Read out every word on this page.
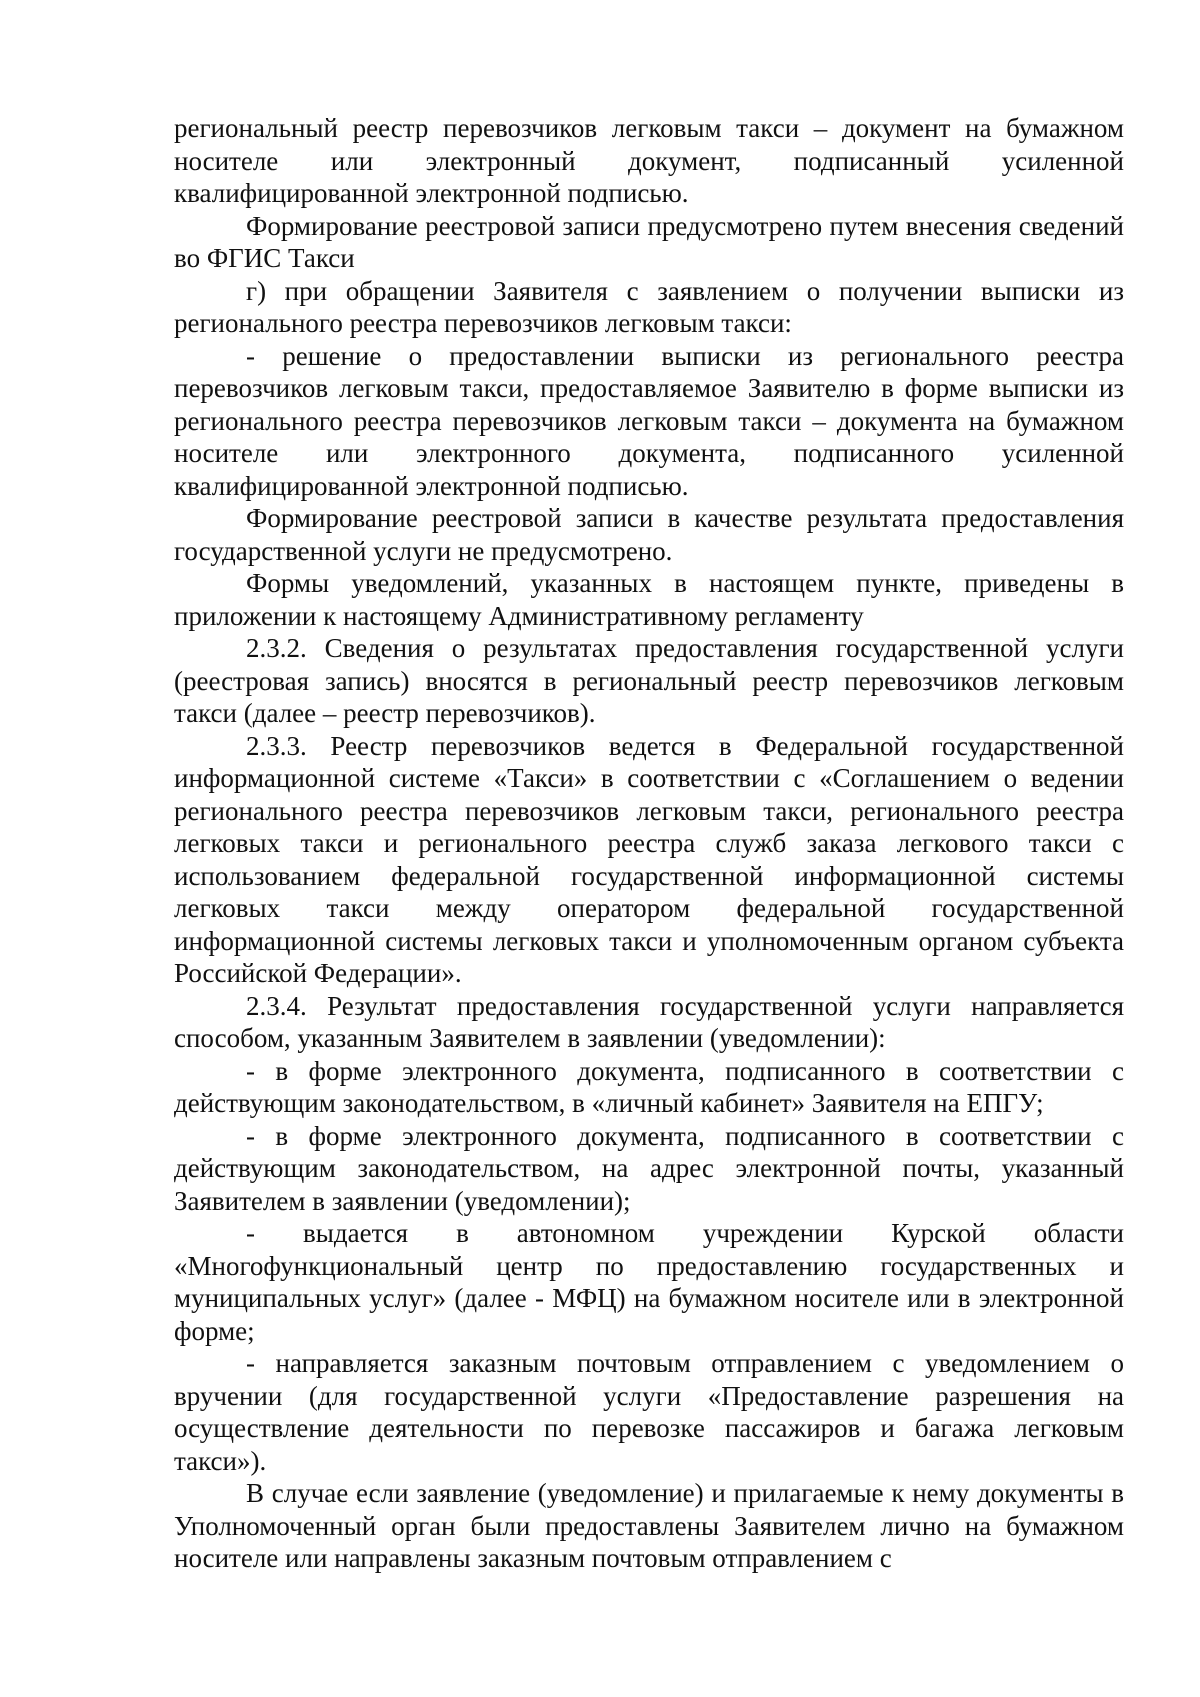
региональный реестр перевозчиков легковым такси – документ на бумажном носителе или электронный документ, подписанный усиленной квалифицированной электронной подписью.

Формирование реестровой записи предусмотрено путем внесения сведений во ФГИС Такси

г) при обращении Заявителя с заявлением о получении выписки из регионального реестра перевозчиков легковым такси:

- решение о предоставлении выписки из регионального реестра перевозчиков легковым такси, предоставляемое Заявителю в форме выписки из регионального реестра перевозчиков легковым такси – документа на бумажном носителе или электронного документа, подписанного усиленной квалифицированной электронной подписью.

Формирование реестровой записи в качестве результата предоставления государственной услуги не предусмотрено.

Формы уведомлений, указанных в настоящем пункте, приведены в приложении к настоящему Административному регламенту

2.3.2. Сведения о результатах предоставления государственной услуги (реестровая запись) вносятся в региональный реестр перевозчиков легковым такси (далее – реестр перевозчиков).

2.3.3. Реестр перевозчиков ведется в Федеральной государственной информационной системе «Такси» в соответствии с «Соглашением о ведении регионального реестра перевозчиков легковым такси, регионального реестра легковых такси и регионального реестра служб заказа легкового такси с использованием федеральной государственной информационной системы легковых такси между оператором федеральной государственной информационной системы легковых такси и уполномоченным органом субъекта Российской Федерации».

2.3.4. Результат предоставления государственной услуги направляется способом, указанным Заявителем в заявлении (уведомлении):

- в форме электронного документа, подписанного в соответствии с действующим законодательством, в «личный кабинет» Заявителя на ЕПГУ;

- в форме электронного документа, подписанного в соответствии с действующим законодательством, на адрес электронной почты, указанный Заявителем в заявлении (уведомлении);

- выдается в автономном учреждении Курской области «Многофункциональный центр по предоставлению государственных и муниципальных услуг» (далее - МФЦ) на бумажном носителе или в электронной форме;

- направляется заказным почтовым отправлением с уведомлением о вручении (для государственной услуги «Предоставление разрешения на осуществление деятельности по перевозке пассажиров и багажа легковым такси»).

В случае если заявление (уведомление) и прилагаемые к нему документы в Уполномоченный орган были предоставлены Заявителем лично на бумажном носителе или направлены заказным почтовым отправлением с
